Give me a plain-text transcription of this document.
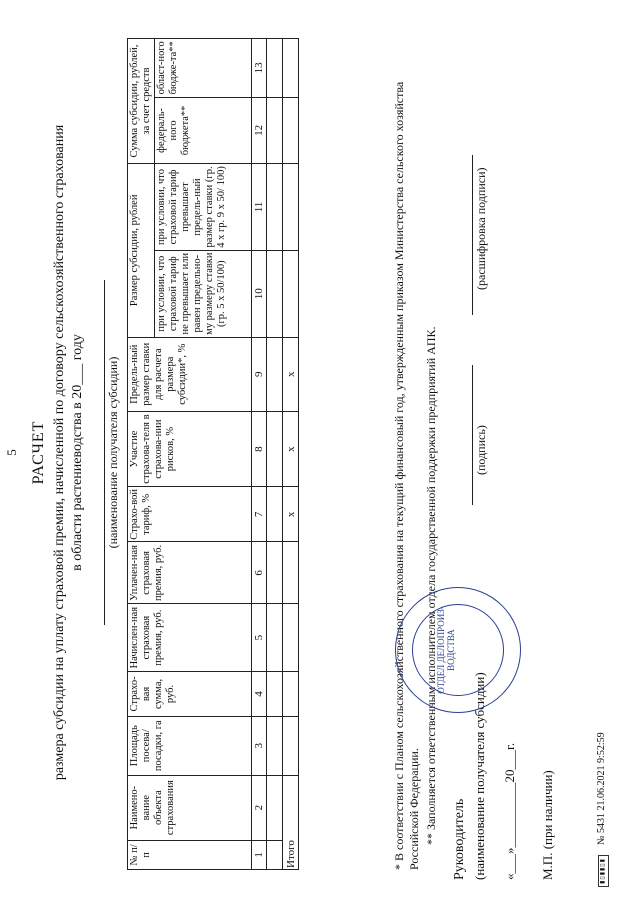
5 РАСЧЕТ размера субсидии на уплату страховой премии, начисленной по договору сельскохозяйственного страхования в области растениеводства в 20___ году (наименование получателя субсидии)
№ п/п	Наимено-вание объекта страхования	Площадь посева/ посадки, га	Страхо-вая сумма, руб.	Начислен-ная страховая премия, руб.	Уплачен-ная страховая премия, руб.	Страхо-вой тариф, %	Участие страхова-теля в страхова-нии рисков, %	Предель-ный размер ставки для расчета размера субсидии*, %	Размер субсидии, рублей		Сумма субсидии, рублей, за счет средств	
									при условии, что страховой тариф не превышает или равен предельно-му размеру ставки (гр. 5 х 50/100)	при условии, что страховой тариф превышает предель-ный размер ставки (гр. 4 х гр. 9 х 50/ 100)	федераль-ного бюджета**	област-ного бюдже-та**
1	2	3	4	5	6	7	8	9	10	11	12	13

Итого						x	x	x					* В соответствии с Планом сельскохозяйственного страхования на текущий финансовый год, утвержденным приказом Министерства сельского хозяйства Российской Федерации. ** Заполняется ответственным исполнителем отдела государственной поддержки предприятий АПК. Руководитель (наименование получателя субсидии)
(подпись)
(расшифровка подписи)
«___»__________20___г. М.П. (при наличии)
ОТДЕЛ ДЕЛОПРОИЗ-ВОДСТВА
▮▯▮▮▯▮
№ 5431 21.06.2021 9:52:59
